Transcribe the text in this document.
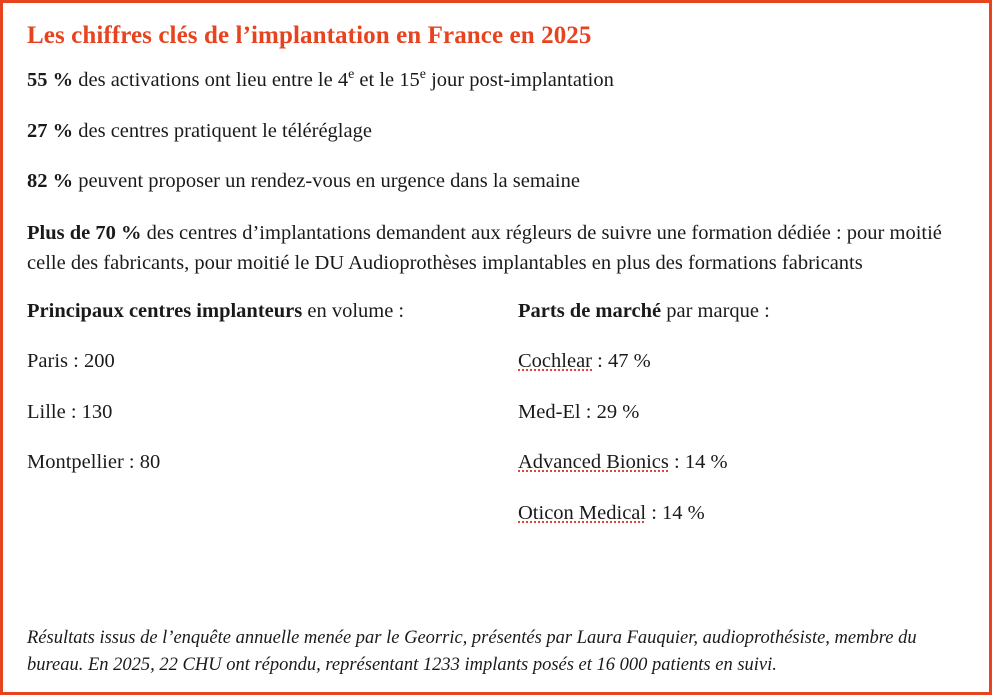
Les chiffres clés de l’implantation en France en 2025

55 % des activations ont lieu entre le 4e et le 15e jour post-implantation

27 % des centres pratiquent le téléréglage

82 % peuvent proposer un rendez-vous en urgence dans la semaine

Plus de 70 % des centres d’implantations demandent aux régleurs de suivre une formation dédiée : pour moitié celle des fabricants, pour moitié le DU Audioprothèses implantables en plus des formations fabricants

Principaux centres implanteurs en volume :
Paris : 200
Lille : 130
Montpellier : 80
Parts de marché par marque :
Cochlear : 47 %
Med-El : 29 %
Advanced Bionics : 14 %
Oticon Medical : 14 %
Résultats issus de l’enquête annuelle menée par le Georric, présentés par Laura Fauquier, audioprothésiste, membre du bureau. En 2025, 22 CHU ont répondu, représentant 1233 implants posés et 16 000 patients en suivi.
